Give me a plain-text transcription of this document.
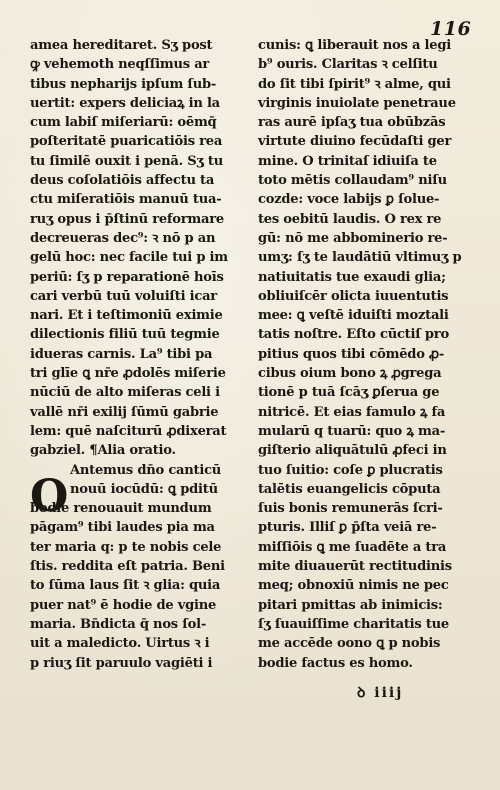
116
amea hereditaret. Sʒ post
ꝙ vehemoth neqſſimus ar
tibus nepharijs ipſum ſub-
uertit: expers deliciaꝝ in la
cum labiſ miſeriarū: oēmq̄
poſteritatē puaricatiōis rea
tu ſimilē ouxit i penā. Sʒ tu
deus coſolatiōis affectu ta
ctu miſeratiōis manuū tua-
ruʒ opus i p̄ſtinū reformare
decreueras dec⁹: ꝛ nō p an
gelū hoc: nec facile tui p im
periū: ſʒ p reparationē hoīs
cari verbū tuū voluiſti icar
nari. Et i teſtimoniū eximie
dilectionis filiū tuū tegmie
idueras carnis. La⁹ tibi pa
tri glīe ꝗ nr̄e ꝓdolēs miſerie
nūciū de alto miſeras celi i
vallē nr̄i exilij ſūmū gabrie
lem: quē naſciturū ꝓdixerat
gabziel. ¶Alia oratio.
Antemus dn̄o canticū
nouū iocūdū: ꝗ pditū
bodie renouauit mundum
pāgam⁹ tibi laudes pia ma
ter maria q: p te nobis cele
ſtis. reddita eſt patria. Beni
to ſūma laus ſit ꝛ glia: quia
puer nat⁹ ē hodie de vgine
maria. Bn̄dicta q̄ nos ſol-
uit a maledicto. Uirtus ꝛ i
p riuʒ ſit paruulo vagiēti i
O
cunis: ꝗ liberauit nos a legi
b⁹ ouris. Claritas ꝛ celſitu
do ſit tibi ſpirit⁹ ꝛ alme, qui
virginis inuiolate penetraue
ras aurē ipſaʒ tua obūbzās
virtute diuino fecūdaſti ger
mine. O trinitaſ idiuiſa te
toto mētis collaudam⁹ niſu
cozde: voce labijs ꝑ ſolue-
tes oebitū laudis. O rex re
gū: nō me abbominerio re-
umʒ: ſʒ te laudātiū vltimuʒ p
natiuitatis tue exaudi glia;
obliuiſcēr olicta iuuentutis
mee: ꝗ veſtē iduiſti moztali
tatis noſtre. Eſto cūctiſ pro
pitius quos tibi cōmēdo ꝓ-
cibus oium bono ꝝ ꝓgrega
tionē p tuā ſcāʒ ꝑſerua ge
nitricē. Et eias famulo ꝝ fa
mularū q tuarū: quo ꝝ ma-
giſterio aliquātulū ꝓfeci in
tuo ſuitio: coſe ꝑ plucratis
talētis euangelicis cōputa
ſuis bonis remunerās ſcri-
pturis. Illiſ ꝑ p̄ſta veiā re-
miſſiōis ꝗ me ſuadēte a tra
mite diuauerūt rectitudinis
meq; obnoxiū nimis ne pec
pitari pmittas ab inimicis:
ſʒ ſuauiſſime charitatis tue
me accēde oono ꝗ p nobis
bodie factus es homo.
ꝺ iiij
